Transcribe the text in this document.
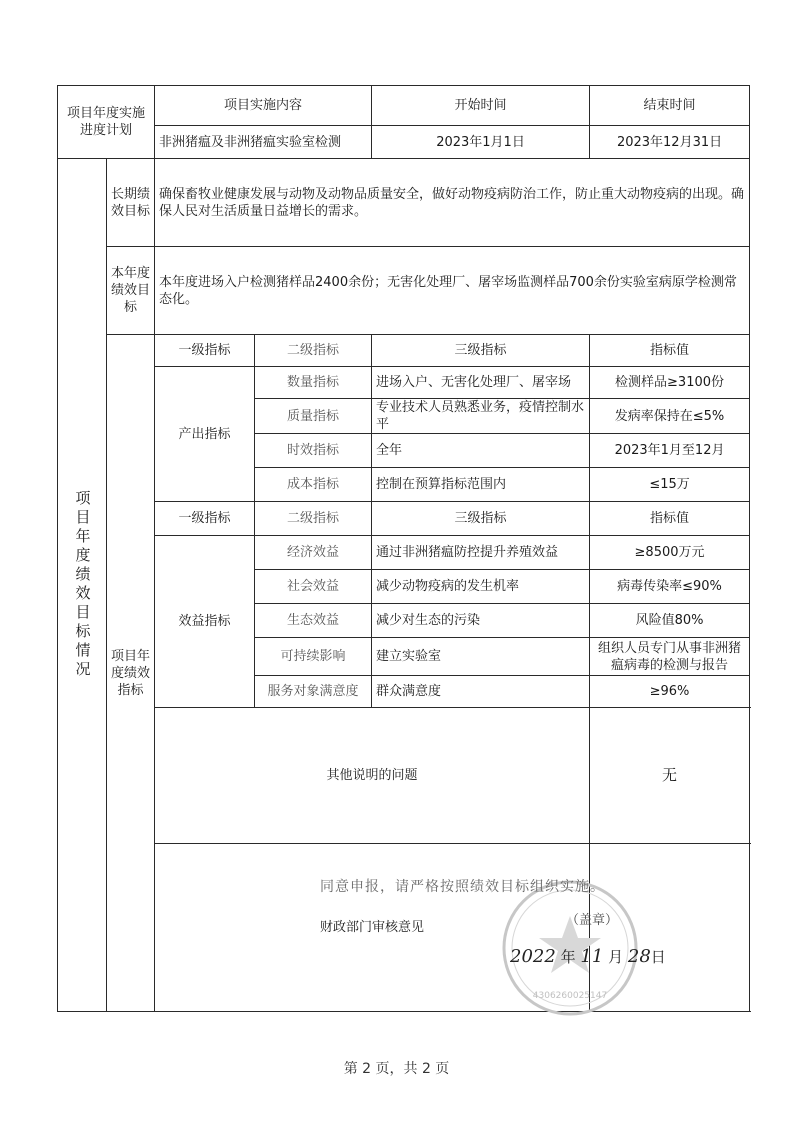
项目年度实施进度计划		项目实施内容		开始时间	结束时间
		非洲猪瘟及非洲猪瘟实验室检测		2023年1月1日	2023年12月31日

项目年度绩效目标情况	长期绩效目标	确保畜牧业健康发展与动物及动物品质量安全，做好动物疫病防治工作，防止重大动物疫病的出现。确保人民对生活质量日益增长的需求。			
	本年度绩效目标	本年度进场入户检测猪样品2400余份；无害化处理厂、屠宰场监测样品700余份实验室病原学检测常态化。			
	项目年度绩效指标	一级指标	二级指标	三级指标	指标值
		产出指标	数量指标	进场入户、无害化处理厂、屠宰场	检测样品≥3100份
			质量指标	专业技术人员熟悉业务，疫情控制水平	发病率保持在≤5%
			时效指标	全年	2023年1月至12月
			成本指标	控制在预算指标范围内	≤15万
		一级指标	二级指标	三级指标	指标值
		效益指标	经济效益	通过非洲猪瘟防控提升养殖效益	≥8500万元
			社会效益	减少动物疫病的发生机率	病毒传染率≤90%
			生态效益	减少对生态的污染	风险值80%
			可持续影响	建立实验室	组织人员专门从事非洲猪瘟病毒的检测与报告
			服务对象满意度	群众满意度	≥96%
		其他说明的问题			无
		财政部门审核意见			
4306260025147
同意申报，请严格按照绩效目标组织实施。
（盖章）
2022 年 11 月 28日
第 2 页，共 2 页
